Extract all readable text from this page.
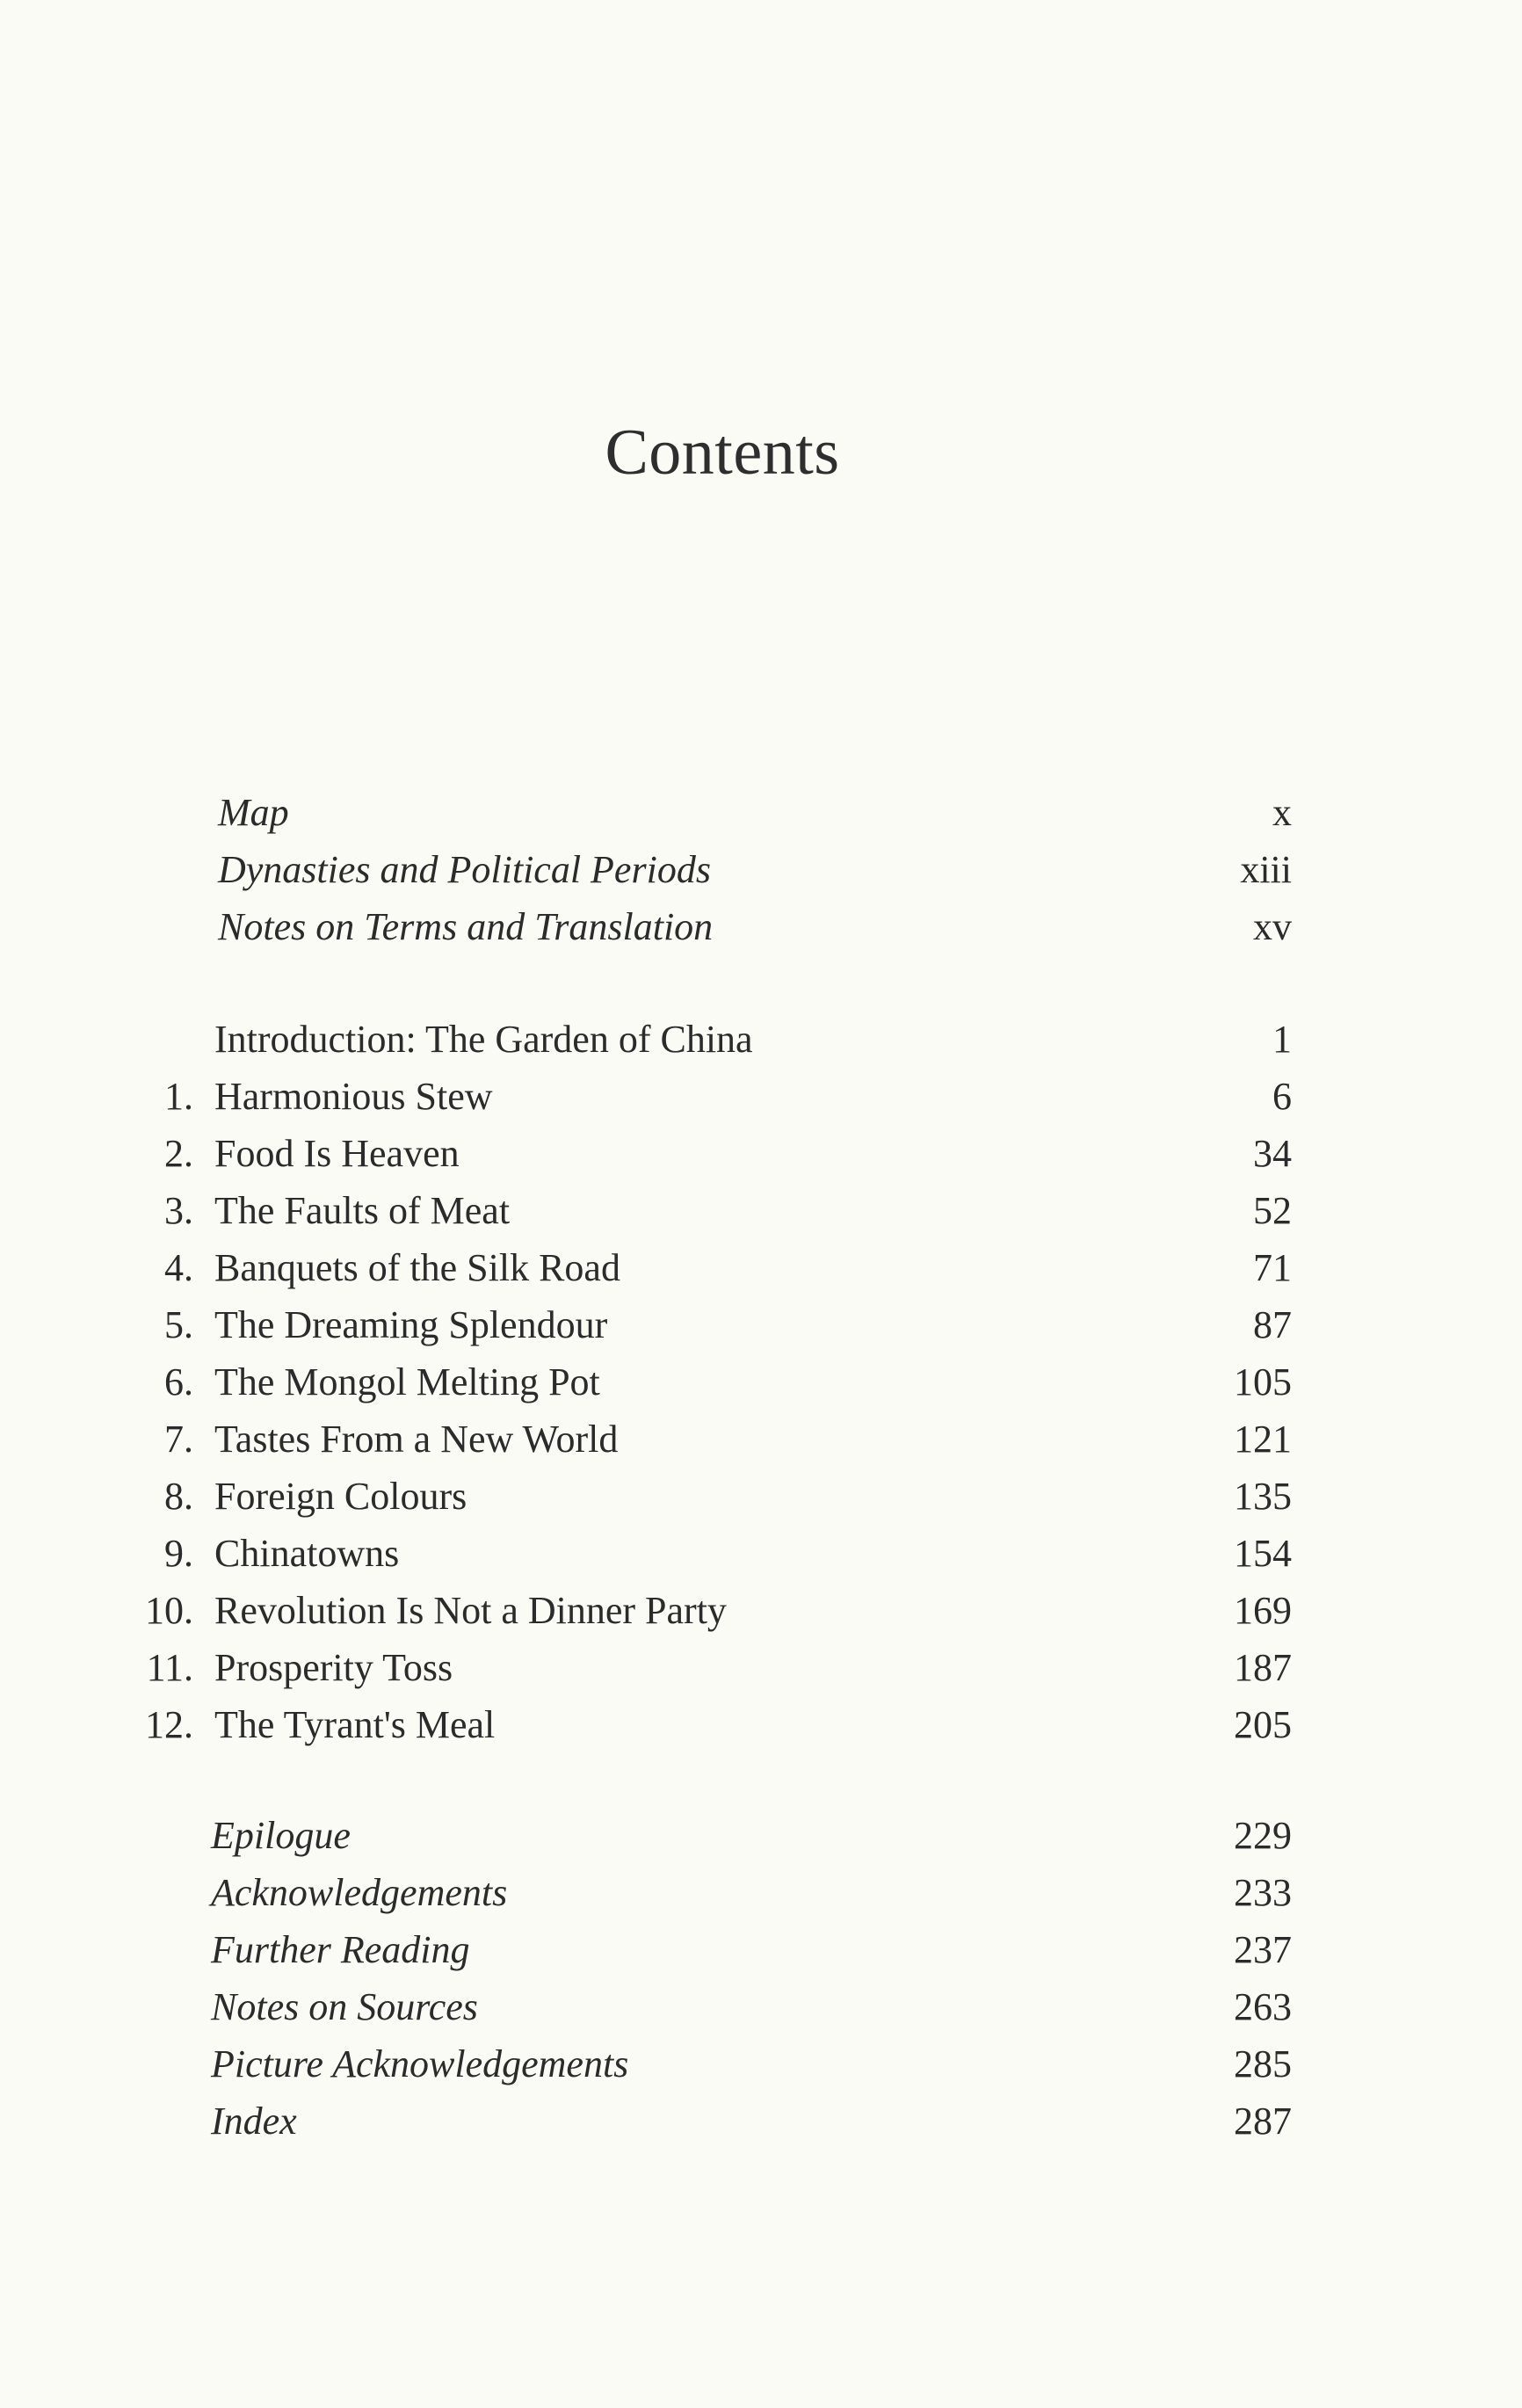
Contents
Map	x
Dynasties and Political Periods	xiii
Notes on Terms and Translation	xv
Introduction: The Garden of China	1
1. Harmonious Stew	6
2. Food Is Heaven	34
3. The Faults of Meat	52
4. Banquets of the Silk Road	71
5. The Dreaming Splendour	87
6. The Mongol Melting Pot	105
7. Tastes From a New World	121
8. Foreign Colours	135
9. Chinatowns	154
10. Revolution Is Not a Dinner Party	169
11. Prosperity Toss	187
12. The Tyrant's Meal	205
Epilogue	229
Acknowledgements	233
Further Reading	237
Notes on Sources	263
Picture Acknowledgements	285
Index	287
